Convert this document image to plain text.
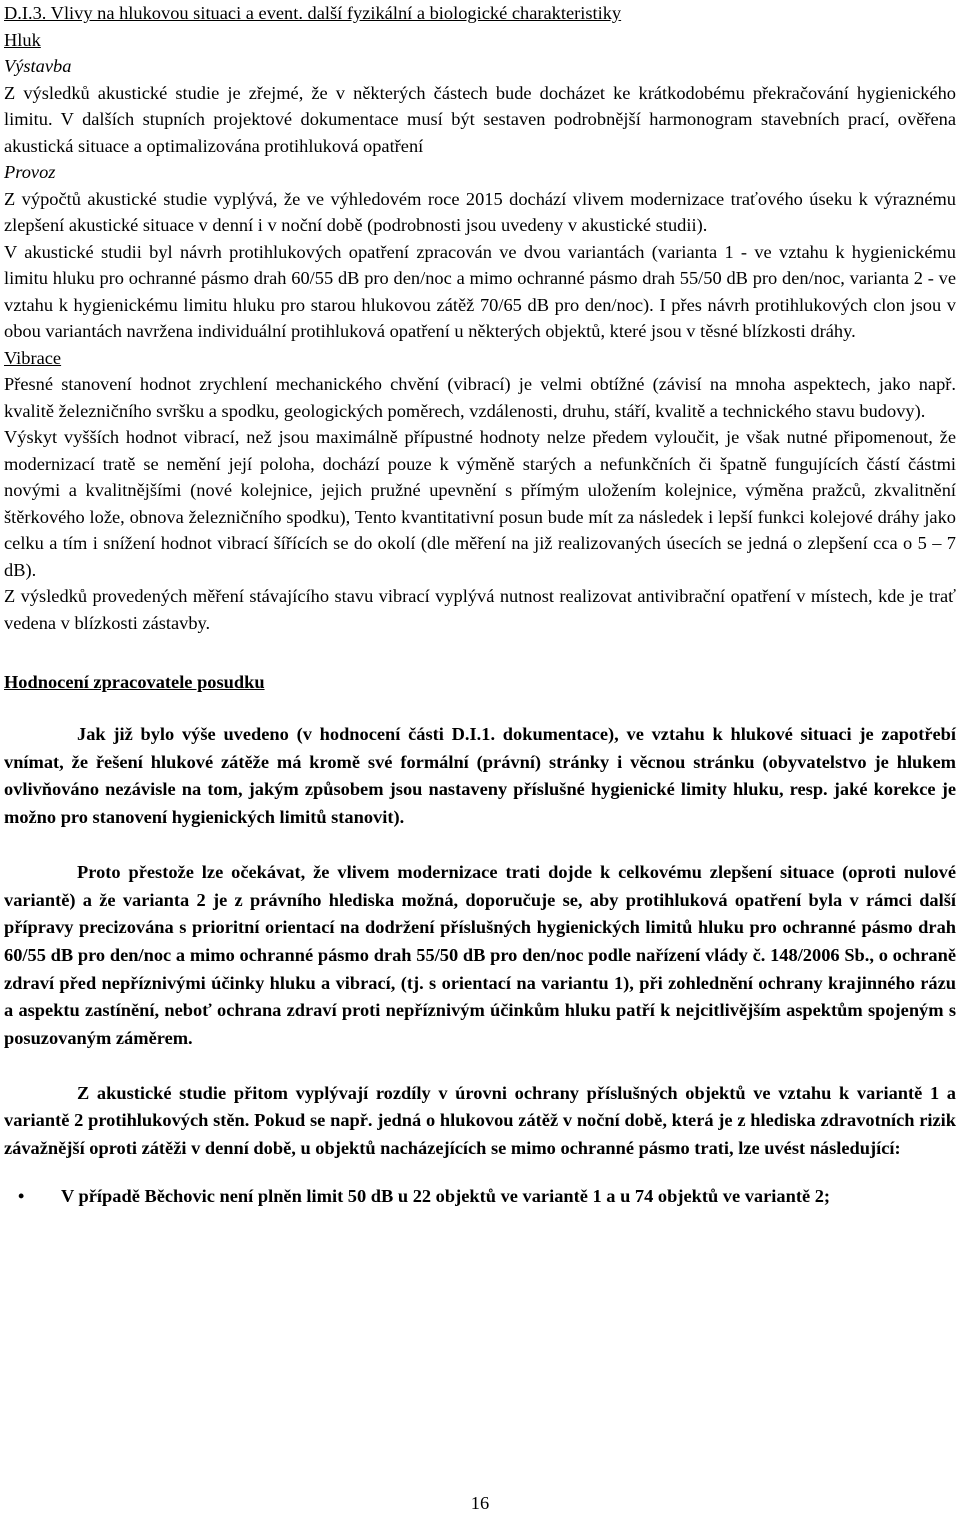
D.I.3. Vlivy na hlukovou situaci a event. další fyzikální a biologické charakteristiky
Hluk
Výstavba

Z výsledků akustické studie je zřejmé, že v některých částech bude docházet ke krátkodobému překračování hygienického limitu. V dalších stupních projektové dokumentace musí být sestaven podrobnější harmonogram stavebních prací, ověřena akustická situace a optimalizována protihluková opatření

Provoz

Z výpočtů akustické studie vyplývá, že ve výhledovém roce 2015 dochází vlivem modernizace traťového úseku k výraznému zlepšení akustické situace v denní i v noční době (podrobnosti jsou uvedeny v akustické studii).

V akustické studii byl návrh protihlukových opatření zpracován ve dvou variantách (varianta 1 - ve vztahu k hygienickému limitu hluku pro ochranné pásmo drah 60/55 dB pro den/noc a mimo ochranné pásmo drah 55/50 dB pro den/noc, varianta 2 - ve vztahu k hygienickému limitu hluku pro starou hlukovou zátěž 70/65 dB pro den/noc). I přes návrh protihlukových clon jsou v obou variantách navržena individuální protihluková opatření u některých objektů, které jsou v těsné blízkosti dráhy.

Vibrace

Přesné stanovení hodnot zrychlení mechanického chvění (vibrací) je velmi obtížné (závisí na mnoha aspektech, jako např. kvalitě železničního svršku a spodku, geologických poměrech, vzdálenosti, druhu, stáří, kvalitě a technického stavu budovy).

Výskyt vyšších hodnot vibrací, než jsou maximálně přípustné hodnoty nelze předem vyloučit, je však nutné připomenout, že modernizací tratě se nemění její poloha, dochází pouze k výměně starých a nefunkčních či špatně fungujících částí částmi novými a kvalitnějšími (nové kolejnice, jejich pružné upevnění s přímým uložením kolejnice, výměna pražců, zkvalitnění štěrkového lože, obnova železničního spodku), Tento kvantitativní posun bude mít za následek i lepší funkci kolejové dráhy jako celku a tím i snížení hodnot vibrací šířících se do okolí (dle měření na již realizovaných úsecích se jedná o zlepšení cca o 5 – 7 dB).

Z výsledků provedených měření stávajícího stavu vibrací vyplývá nutnost realizovat antivibrační opatření v místech, kde je trať vedena v blízkosti zástavby.

Hodnocení zpracovatele posudku
Jak již bylo výše uvedeno (v hodnocení části D.I.1. dokumentace), ve vztahu k hlukové situaci je zapotřebí vnímat, že řešení hlukové zátěže má kromě své formální (právní) stránky i věcnou stránku (obyvatelstvo je hlukem ovlivňováno nezávisle na tom, jakým způsobem jsou nastaveny příslušné hygienické limity hluku, resp. jaké korekce je možno pro stanovení hygienických limitů stanovit).
Proto přestože lze očekávat, že vlivem modernizace trati dojde k celkovému zlepšení situace (oproti nulové variantě) a že varianta 2 je z právního hlediska možná, doporučuje se, aby protihluková opatření byla v rámci další přípravy precizována s prioritní orientací na dodržení příslušných hygienických limitů hluku pro ochranné pásmo drah 60/55 dB pro den/noc a mimo ochranné pásmo drah 55/50 dB pro den/noc podle nařízení vlády č. 148/2006 Sb., o ochraně zdraví před nepříznivými účinky hluku a vibrací, (tj. s orientací na variantu 1), při zohlednění ochrany krajinného rázu a aspektu zastínění, neboť ochrana zdraví proti nepříznivým účinkům hluku patří k nejcitlivějším aspektům spojeným s posuzovaným záměrem.
Z akustické studie přitom vyplývají rozdíly v úrovni ochrany příslušných objektů ve vztahu k variantě 1 a variantě 2 protihlukových stěn. Pokud se např. jedná o hlukovou zátěž v noční době, která je z hlediska zdravotních rizik závažnější oproti zátěži v denní době, u objektů nacházejících se mimo ochranné pásmo trati, lze uvést následující:
• V případě Běchovic není plněn limit 50 dB u 22 objektů ve variantě 1 a u 74 objektů ve variantě 2;
16
